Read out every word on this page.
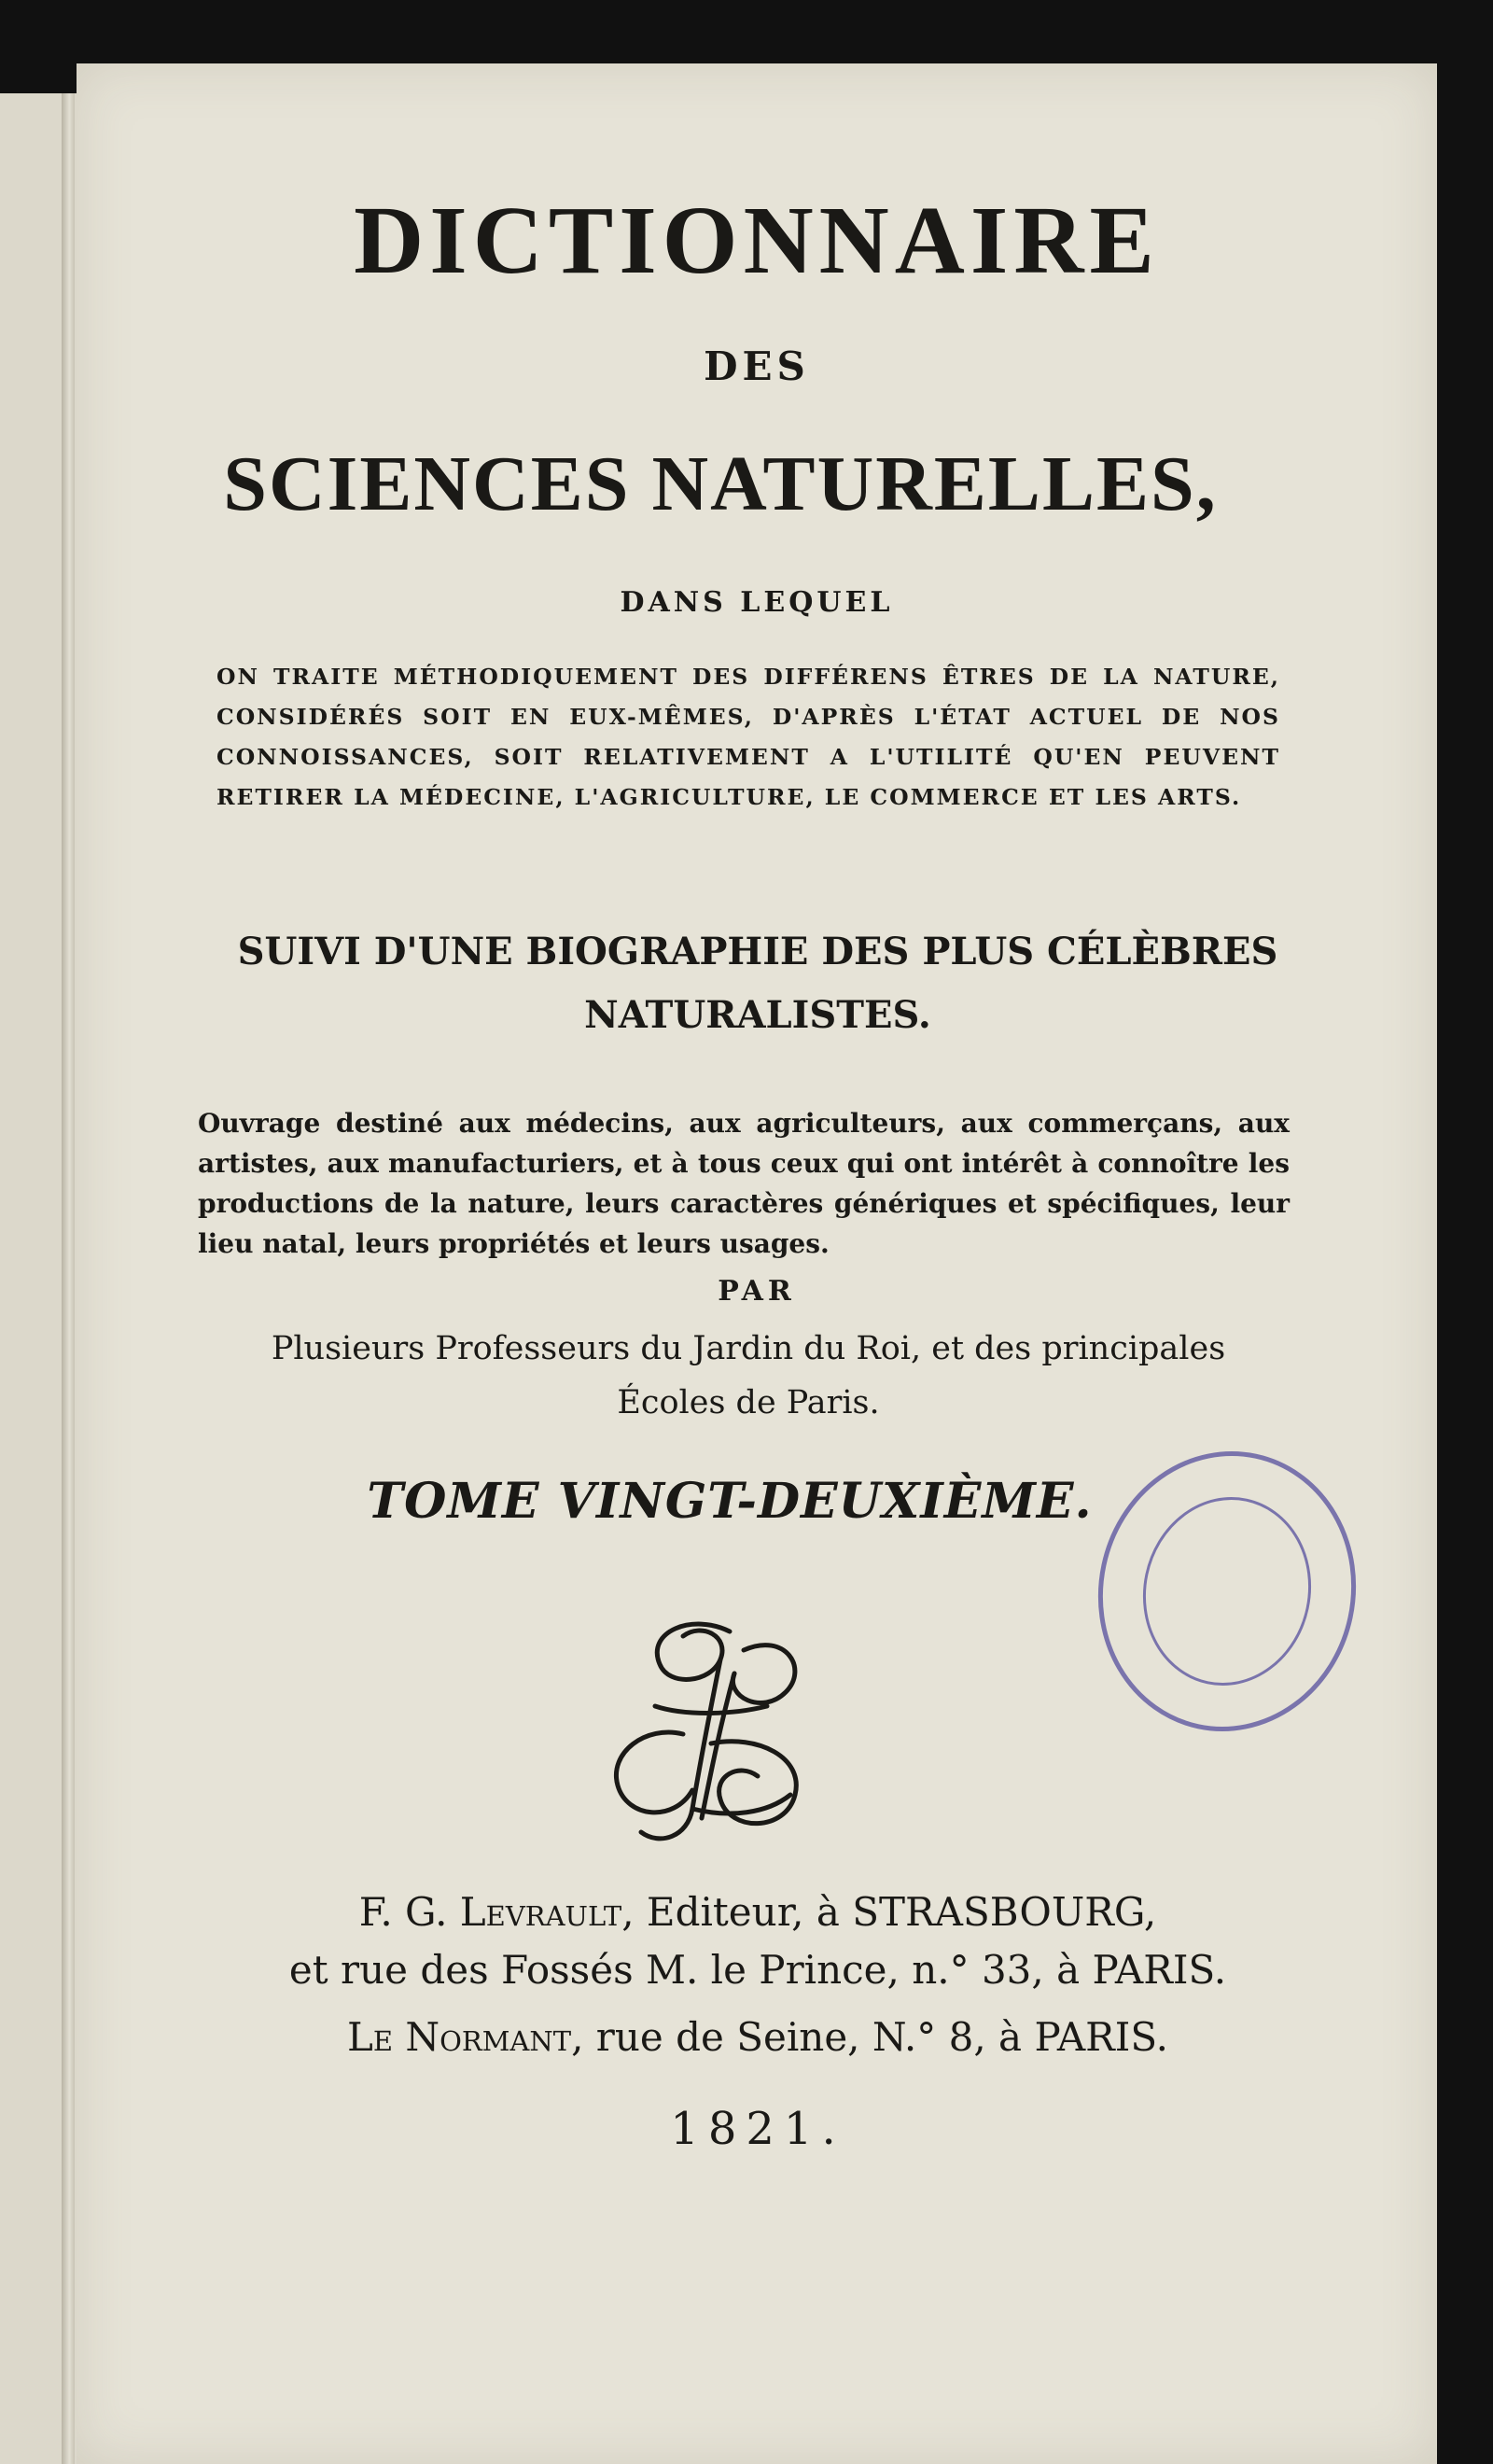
DICTIONNAIRE
DES
SCIENCES NATURELLES,
DANS LEQUEL

ON TRAITE MÉTHODIQUEMENT DES DIFFÉRENS ÊTRES DE LA NATURE, CONSIDÉRÉS SOIT EN EUX-MÊMES, D'APRÈS L'ÉTAT ACTUEL DE NOS CONNOISSANCES, SOIT RELATIVEMENT A L'UTILITÉ QU'EN PEUVENT RETIRER LA MÉDECINE, L'AGRICULTURE, LE COMMERCE ET LES ARTS.

SUIVI D'UNE BIOGRAPHIE DES PLUS CÉLÈBRES
NATURALISTES.

Ouvrage destiné aux médecins, aux agriculteurs, aux commerçans, aux artistes, aux manufacturiers, et à tous ceux qui ont intérêt à connoître les productions de la nature, leurs caractères génériques et spécifiques, leur lieu natal, leurs propriétés et leurs usages.

PAR
Plusieurs Professeurs du Jardin du Roi, et des principales
Écoles de Paris.
TOME VINGT-DEUXIÈME.
F. G. Levrault, Editeur, à STRASBOURG,
et rue des Fossés M. le Prince, n.° 33, à PARIS.
Le Normant, rue de Seine, N.° 8, à PARIS.
1821.
